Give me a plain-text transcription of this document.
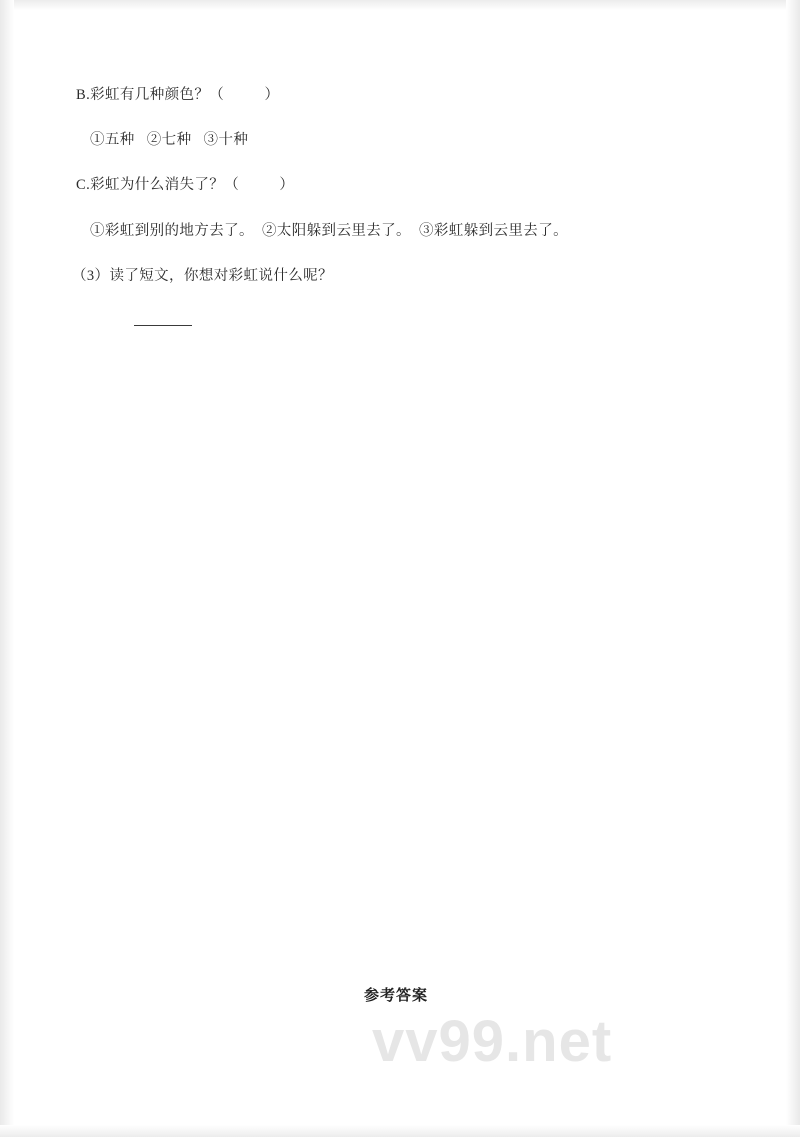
B.彩虹有几种颜色？（          ）
①五种   ②七种   ③十种
C.彩虹为什么消失了？（          ）
①彩虹到别的地方去了。  ②太阳躲到云里去了。  ③彩虹躲到云里去了。
（3）读了短文，你想对彩虹说什么呢？
参考答案
vv99.net
